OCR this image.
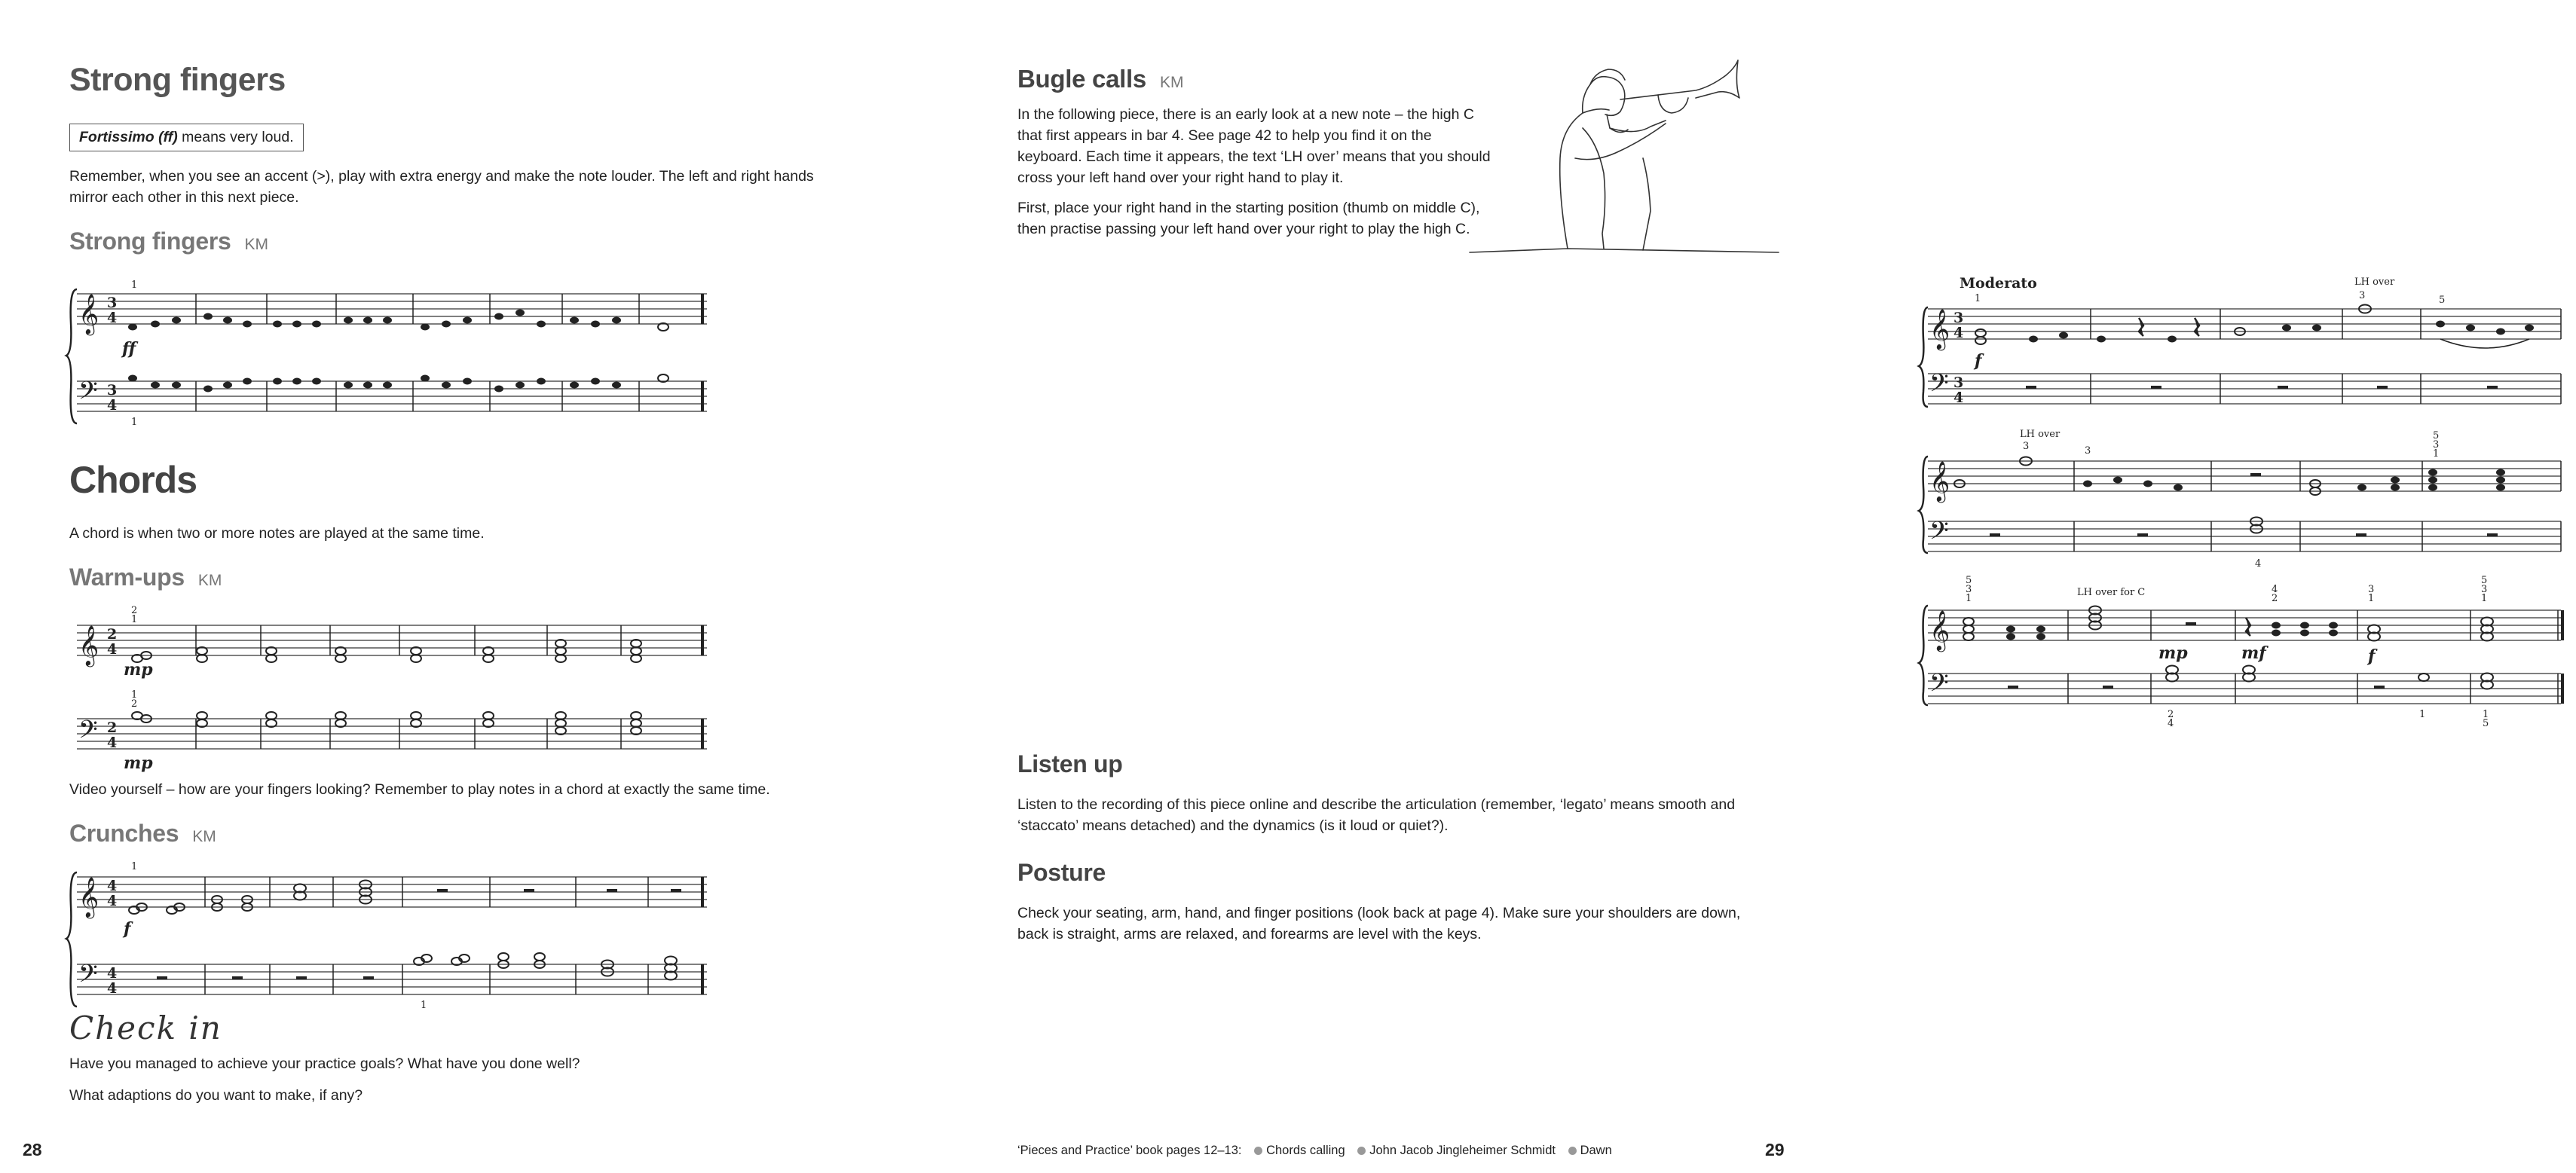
Strong fingers
Fortissimo (ff) means very loud.

Remember, when you see an accent (>), play with extra energy and make the note louder. The left and right hands mirror each other in this next piece.

Strong fingers KM
𝄞
𝄢
3
4
3
4
1
1
ff
Chords

A chord is when two or more notes are played at the same time.

Warm-ups KM
𝄞 2
4
2
1
mp
𝄢 2
4
1
2
mp

Video yourself – how are your fingers looking? Remember to play notes in a chord at exactly the same time.

Crunches KM
𝄞
𝄢
4
4
4
4
1
1
f
Check in

Have you managed to achieve your practice goals? What have you done well?

What adaptions do you want to make, if any?

28
Bugle calls KM

In the following piece, there is an early look at a new note – the high C that first appears in bar 4. See page 42 to help you find it on the keyboard. Each time it appears, the text ‘LH over’ means that you should cross your left hand over your right hand to play it.

First, place your right hand in the starting position (thumb on middle C), then practise passing your left hand over your right to play the high C.

Moderato	LH over
1	3	5
𝄞
𝄢
3
4
3
4
f
LH over
3	3
5
3
1
𝄞
𝄢
4
5
3
1
LH over for C	4
2
3
1
5
3
1
𝄞
𝄢
mp	mf	f
2
4
1	1
5
Listen up

Listen to the recording of this piece online and describe the articulation (remember, ‘legato’ means smooth and ‘staccato’ means detached) and the dynamics (is it loud or quiet?).

Posture

Check your seating, arm, hand, and finger positions (look back at page 4). Make sure your shoulders are down, back is straight, arms are relaxed, and forearms are level with the keys.

‘Pieces and Practice’ book pages 12–13: Chords calling John Jacob Jingleheimer Schmidt Dawn	29
